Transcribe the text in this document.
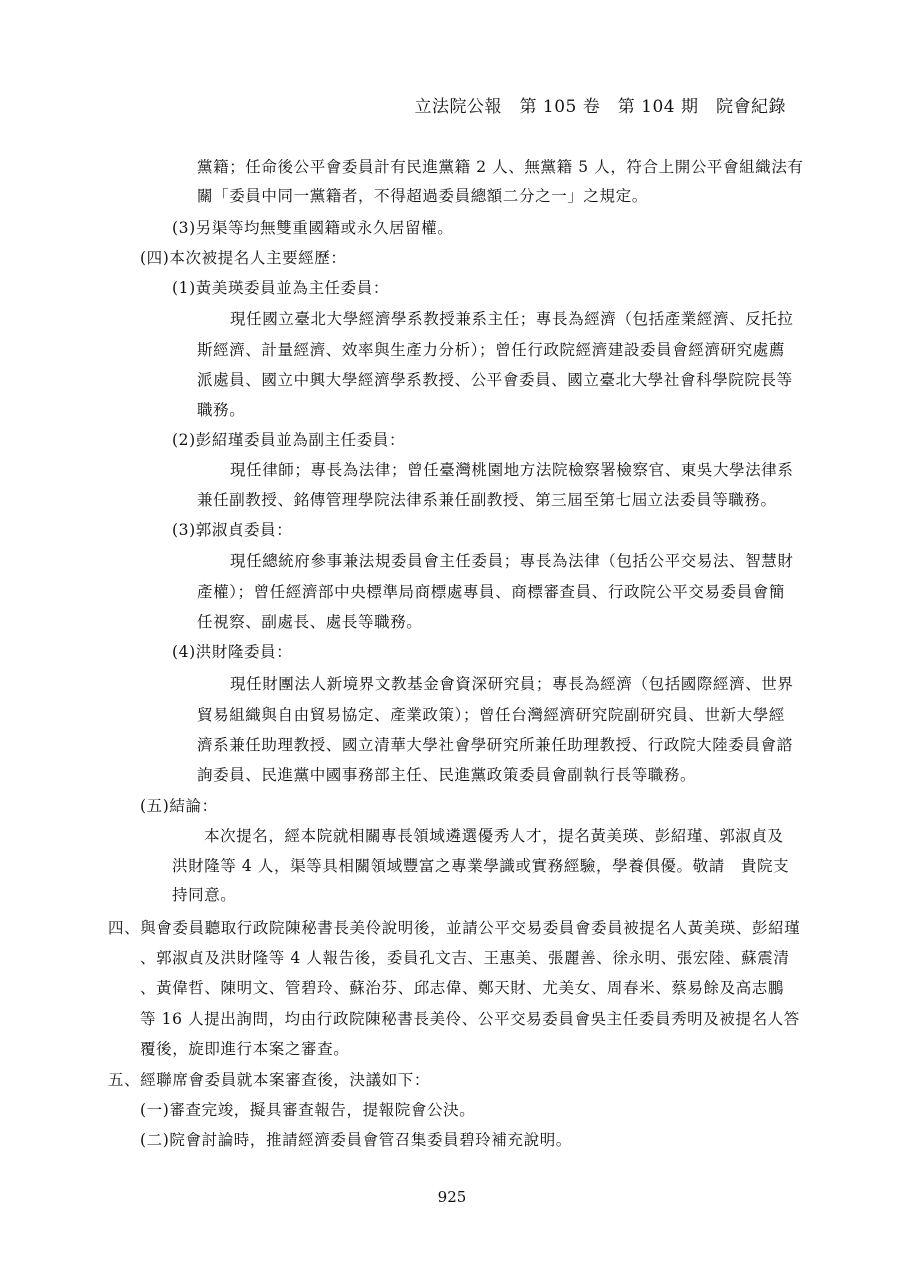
立法院公報　第 105 卷　第 104 期　院會紀錄
黨籍；任命後公平會委員計有民進黨籍 2 人、無黨籍 5 人，符合上開公平會組織法有
關「委員中同一黨籍者，不得超過委員總額二分之一」之規定。
(3)另渠等均無雙重國籍或永久居留權。
(四)本次被提名人主要經歷：
(1)黃美瑛委員並為主任委員：
現任國立臺北大學經濟學系教授兼系主任；專長為經濟（包括產業經濟、反托拉
斯經濟、計量經濟、效率與生產力分析）；曾任行政院經濟建設委員會經濟研究處薦
派處員、國立中興大學經濟學系教授、公平會委員、國立臺北大學社會科學院院長等
職務。
(2)彭紹瑾委員並為副主任委員：
現任律師；專長為法律；曾任臺灣桃園地方法院檢察署檢察官、東吳大學法律系
兼任副教授、銘傳管理學院法律系兼任副教授、第三屆至第七屆立法委員等職務。
(3)郭淑貞委員：
現任總統府參事兼法規委員會主任委員；專長為法律（包括公平交易法、智慧財
產權）；曾任經濟部中央標準局商標處專員、商標審查員、行政院公平交易委員會簡
任視察、副處長、處長等職務。
(4)洪財隆委員：
現任財團法人新境界文教基金會資深研究員；專長為經濟（包括國際經濟、世界
貿易組織與自由貿易協定、產業政策）；曾任台灣經濟研究院副研究員、世新大學經
濟系兼任助理教授、國立清華大學社會學研究所兼任助理教授、行政院大陸委員會諮
詢委員、民進黨中國事務部主任、民進黨政策委員會副執行長等職務。
(五)結論：
本次提名，經本院就相關專長領域遴選優秀人才，提名黃美瑛、彭紹瑾、郭淑貞及
洪財隆等 4 人，渠等具相關領域豐富之專業學識或實務經驗，學養俱優。敬請　貴院支
持同意。
四、與會委員聽取行政院陳秘書長美伶說明後，並請公平交易委員會委員被提名人黃美瑛、彭紹瑾
、郭淑貞及洪財隆等 4 人報告後，委員孔文吉、王惠美、張麗善、徐永明、張宏陸、蘇震清
、黃偉哲、陳明文、管碧玲、蘇治芬、邱志偉、鄭天財、尤美女、周春米、蔡易餘及高志鵬
等 16 人提出詢問，均由行政院陳秘書長美伶、公平交易委員會吳主任委員秀明及被提名人答
覆後，旋即進行本案之審查。
五、經聯席會委員就本案審查後，決議如下：
(一)審查完竣，擬具審查報告，提報院會公決。
(二)院會討論時，推請經濟委員會管召集委員碧玲補充說明。
925
